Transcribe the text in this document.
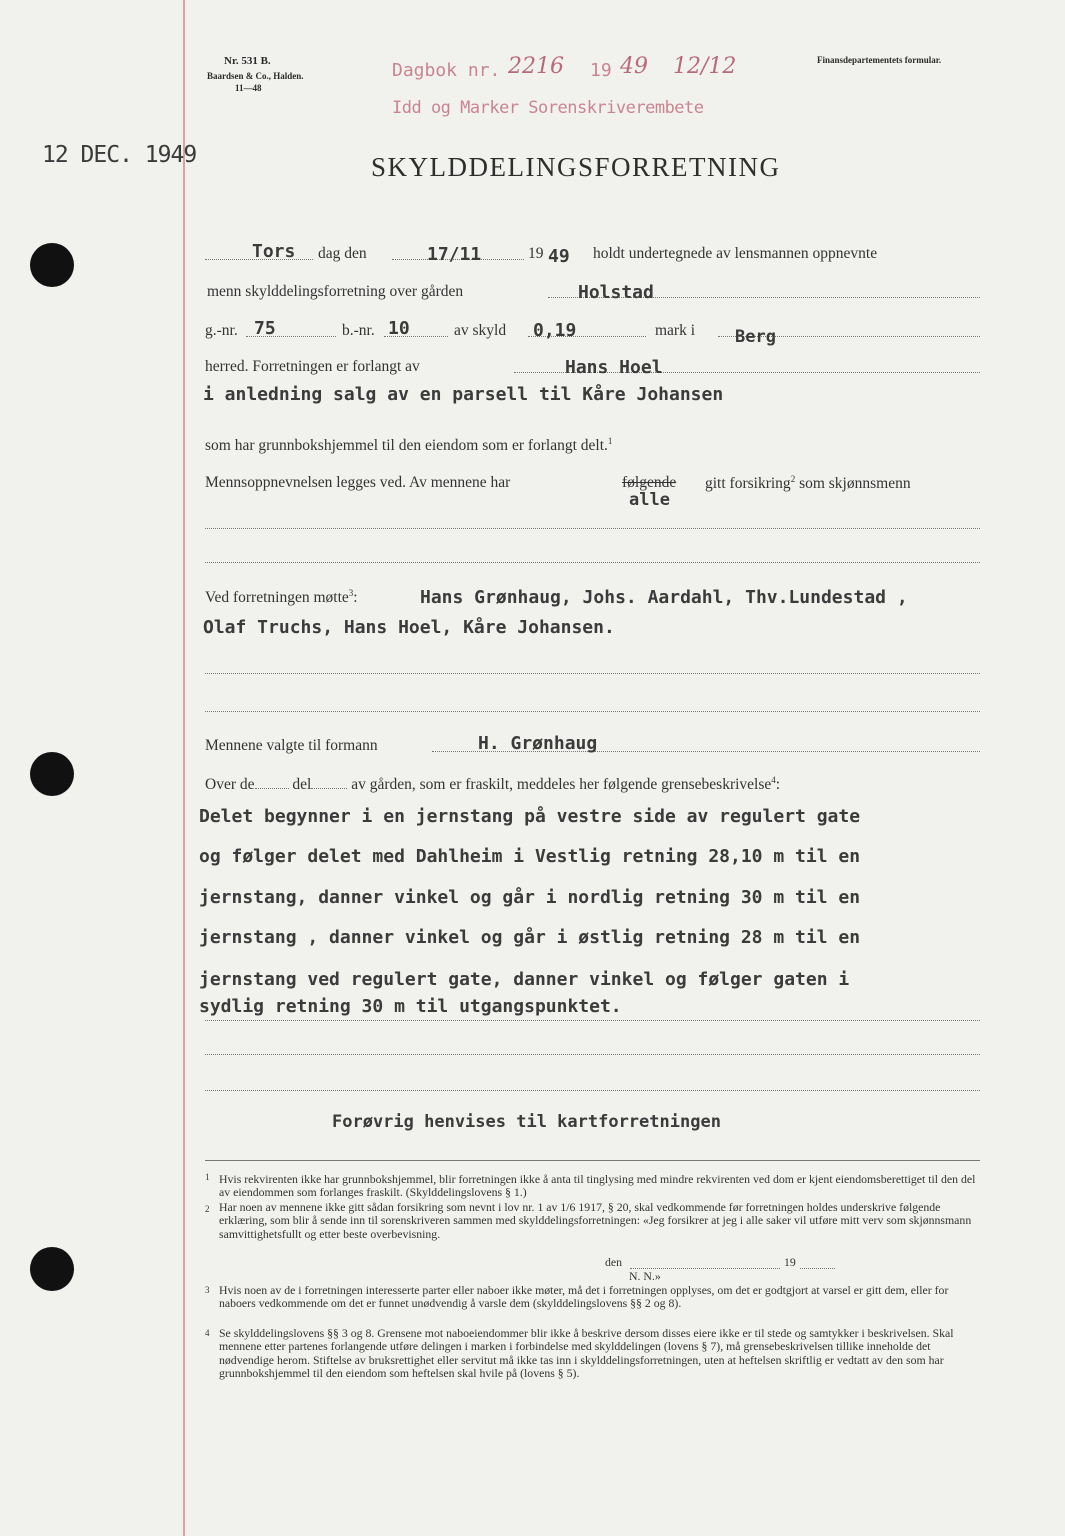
Nr. 531 B.
Baardsen & Co., Halden.
11—48
Finansdepartementets formular.
Dagbok nr. 2216 19 49 12/12
Idd og Marker Sorenskriverembete
12 DEC. 1949	SKYLDDELINGSFORRETNING
Tors dag den	17/11	19 49 holdt undertegnede av lensmannen oppnevnte
menn skylddelingsforretning over gården	Holstad
g.-nr. 75	b.-nr. 10	av skyld 0,19	mark i Berg
herred. Forretningen er forlangt av	Hans Hoel
i anledning salg av en parsell til Kåre Johansen
som har grunnbokshjemmel til den eiendom som er forlangt delt.$^1$
Mennsoppnevnelsen legges ved. Av mennene har	følgende
alle
gitt forsikring$^2$ som skjønnsmenn
Ved forretningen møtte$^3$:	Hans Grønhaug, Johs. Aardahl, Thv.Lundestad ,
Olaf Truchs, Hans Hoel, Kåre Johansen.
Mennene valgte til formann	H. Grønhaug
Over de del	av gården, som er fraskilt, meddeles her følgende grensebeskrivelse$^4$:
Delet begynner i en jernstang på vestre side av regulert gate
og følger delet med Dahlheim i Vestlig retning 28,10 m til en
jernstang, danner vinkel og går i nordlig retning 30 m til en
jernstang , danner vinkel og går i østlig retning 28 m til en
jernstang ved regulert gate, danner vinkel og følger gaten i
sydlig retning 30 m til utgangspunktet.
Forøvrig henvises til kartforretningen
1 Hvis rekvirenten ikke har grunnbokshjemmel, blir forretningen ikke å anta til tinglysing med mindre rekvirenten ved dom er kjent eiendomsberettiget til den del av eiendommen som forlanges fraskilt. (Skylddelingslovens § 1.)
2 Har noen av mennene ikke gitt sådan forsikring som nevnt i lov nr. 1 av 1/6 1917, § 20, skal vedkommende før forretningen holdes underskrive følgende erklæring, som blir å sende inn til sorenskriveren sammen med skylddelingsforretningen: «Jeg forsikrer at jeg i alle saker vil utføre mitt verv som skjønnsmann samvittighetsfullt og etter beste overbevisning.
den	19
N. N.»
3 Hvis noen av de i forretningen interesserte parter eller naboer ikke møter, må det i forretningen opplyses, om det er godtgjort at varsel er gitt dem, eller for naboers vedkommende om det er funnet unødvendig å varsle dem (skylddelingslovens §§ 2 og 8).
4 Se skylddelingslovens §§ 3 og 8. Grensene mot naboeiendommer blir ikke å beskrive dersom disses eiere ikke er til stede og samtykker i beskrivelsen. Skal mennene etter partenes forlangende utføre delingen i marken i forbindelse med skylddelingen (lovens § 7), må grensebeskrivelsen tillike inneholde det nødvendige herom. Stiftelse av bruksrettighet eller servitut må ikke tas inn i skylddelingsforretningen, uten at heftelsen skriftlig er vedtatt av den som har grunnbokshjemmel til den eiendom som heftelsen skal hvile på (lovens § 5).
